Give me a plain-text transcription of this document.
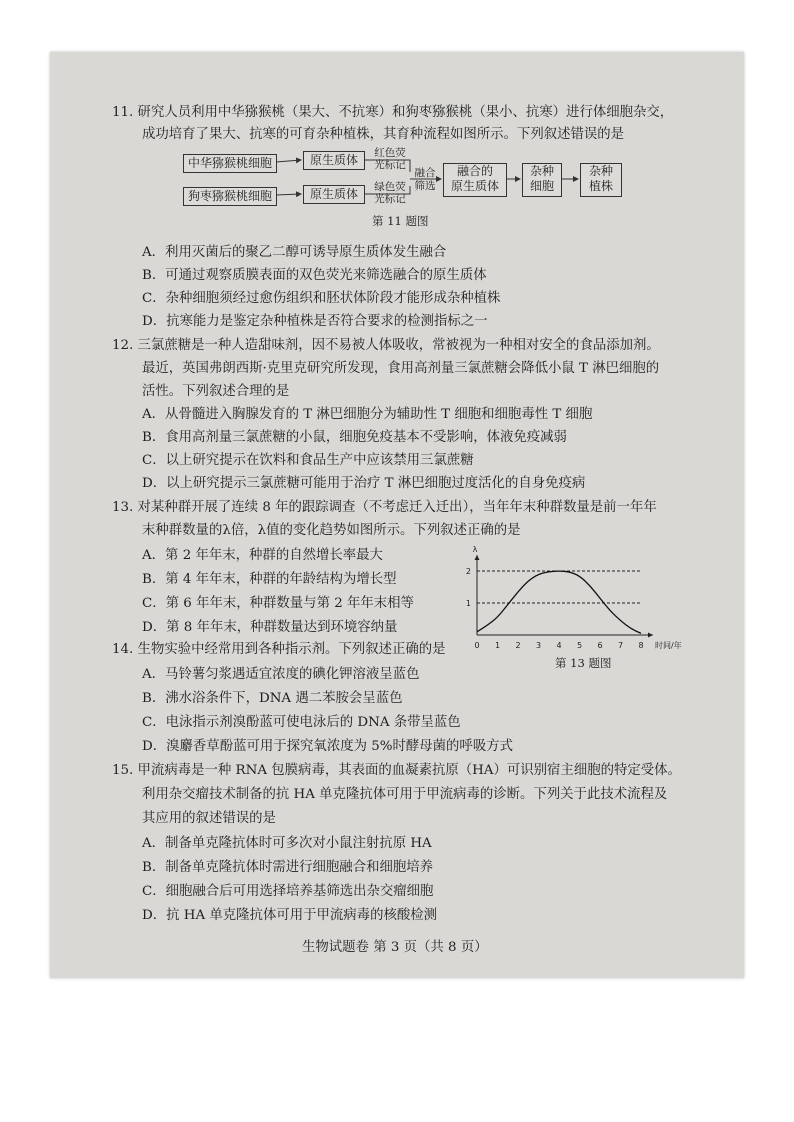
11. 研究人员利用中华猕猴桃（果大、不抗寒）和狗枣猕猴桃（果小、抗寒）进行体细胞杂交，
成功培育了果大、抗寒的可育杂种植株，其育种流程如图所示。下列叙述错误的是
中华猕猴桃细胞
狗枣猕猴桃细胞
原生质体
原生质体
红色荧
光标记
绿色荧
光标记
融合
筛选
融合的
原生质体
杂种
细胞
杂种
植株
第 11 题图
A．利用灭菌后的聚乙二醇可诱导原生质体发生融合
B．可通过观察质膜表面的双色荧光来筛选融合的原生质体
C．杂种细胞须经过愈伤组织和胚状体阶段才能形成杂种植株
D．抗寒能力是鉴定杂种植株是否符合要求的检测指标之一
12. 三氯蔗糖是一种人造甜味剂，因不易被人体吸收，常被视为一种相对安全的食品添加剂。
最近，英国弗朗西斯·克里克研究所发现，食用高剂量三氯蔗糖会降低小鼠 T 淋巴细胞的
活性。下列叙述合理的是
A．从骨髓进入胸腺发育的 T 淋巴细胞分为辅助性 T 细胞和细胞毒性 T 细胞
B．食用高剂量三氯蔗糖的小鼠，细胞免疫基本不受影响，体液免疫减弱
C．以上研究提示在饮料和食品生产中应该禁用三氯蔗糖
D．以上研究提示三氯蔗糖可能用于治疗 T 淋巴细胞过度活化的自身免疫病
13. 对某种群开展了连续 8 年的跟踪调查（不考虑迁入迁出），当年年末种群数量是前一年年
末种群数量的λ倍，λ值的变化趋势如图所示。下列叙述正确的是
A．第 2 年年末，种群的自然增长率最大
B．第 4 年年末，种群的年龄结构为增长型
C．第 6 年年末，种群数量与第 2 年年末相等
D．第 8 年年末，种群数量达到环境容纳量
1
2
0 1 2 3 4 5 6 7 8
λ
时间/年
第 13 题图
14. 生物实验中经常用到各种指示剂。下列叙述正确的是
A．马铃薯匀浆遇适宜浓度的碘化钾溶液呈蓝色
B．沸水浴条件下，DNA 遇二苯胺会呈蓝色
C．电泳指示剂溴酚蓝可使电泳后的 DNA 条带呈蓝色
D．溴麝香草酚蓝可用于探究氧浓度为 5%时酵母菌的呼吸方式
15. 甲流病毒是一种 RNA 包膜病毒，其表面的血凝素抗原（HA）可识别宿主细胞的特定受体。
利用杂交瘤技术制备的抗 HA 单克隆抗体可用于甲流病毒的诊断。下列关于此技术流程及
其应用的叙述错误的是
A．制备单克隆抗体时可多次对小鼠注射抗原 HA
B．制备单克隆抗体时需进行细胞融合和细胞培养
C．细胞融合后可用选择培养基筛选出杂交瘤细胞
D．抗 HA 单克隆抗体可用于甲流病毒的核酸检测
生物试题卷 第 3 页（共 8 页）
